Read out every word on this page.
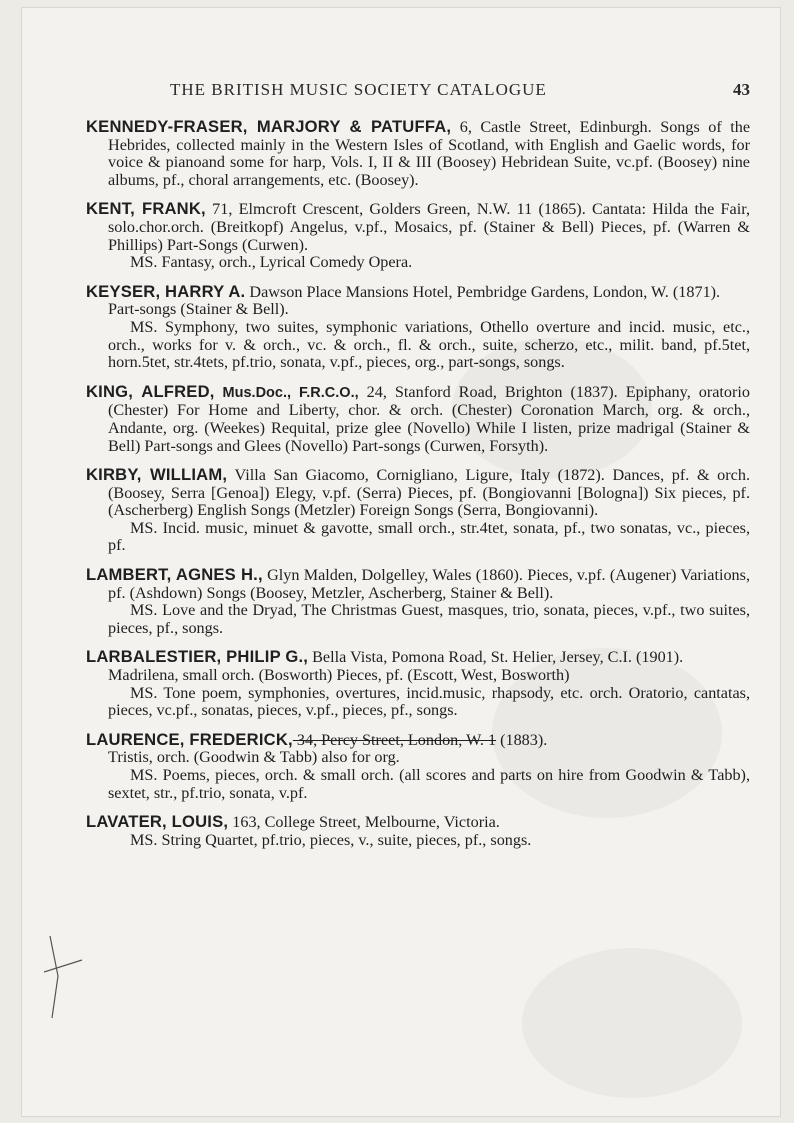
THE BRITISH MUSIC SOCIETY CATALOGUE	43

KENNEDY-FRASER, MARJORY & PATUFFA, 6, Castle Street, Edinburgh. Songs of the Hebrides, collected mainly in the Western Isles of Scotland, with English and Gaelic words, for voice & pianoand some for harp, Vols. I, II & III (Boosey) Hebridean Suite, vc.pf. (Boosey) nine albums, pf., choral arrangements, etc. (Boosey).

KENT, FRANK, 71, Elmcroft Crescent, Golders Green, N.W. 11 (1865). Cantata: Hilda the Fair, solo.chor.orch. (Breitkopf) Angelus, v.pf., Mosaics, pf. (Stainer & Bell) Pieces, pf. (Warren & Phillips) Part-Songs (Curwen).

MS. Fantasy, orch., Lyrical Comedy Opera.

KEYSER, HARRY A. Dawson Place Mansions Hotel, Pembridge Gardens, London, W. (1871).

Part-songs (Stainer & Bell).

MS. Symphony, two suites, symphonic variations, Othello overture and incid. music, etc., orch., works for v. & orch., vc. & orch., fl. & orch., suite, scherzo, etc., milit. band, pf.5tet, horn.5tet, str.4tets, pf.trio, sonata, v.pf., pieces, org., part-songs, songs.

KING, ALFRED, Mus.Doc., F.R.C.O., 24, Stanford Road, Brighton (1837). Epiphany, oratorio (Chester) For Home and Liberty, chor. & orch. (Chester) Coronation March, org. & orch., Andante, org. (Weekes) Requital, prize glee (Novello) While I listen, prize madrigal (Stainer & Bell) Part-songs and Glees (Novello) Part-songs (Curwen, Forsyth).

KIRBY, WILLIAM, Villa San Giacomo, Cornigliano, Ligure, Italy (1872). Dances, pf. & orch. (Boosey, Serra [Genoa]) Elegy, v.pf. (Serra) Pieces, pf. (Bongiovanni [Bologna]) Six pieces, pf. (Ascherberg) English Songs (Metzler) Foreign Songs (Serra, Bongiovanni).

MS. Incid. music, minuet & gavotte, small orch., str.4tet, sonata, pf., two sonatas, vc., pieces, pf.

LAMBERT, AGNES H., Glyn Malden, Dolgelley, Wales (1860). Pieces, v.pf. (Augener) Variations, pf. (Ashdown) Songs (Boosey, Metzler, Ascherberg, Stainer & Bell).

MS. Love and the Dryad, The Christmas Guest, masques, trio, sonata, pieces, v.pf., two suites, pieces, pf., songs.

LARBALESTIER, PHILIP G., Bella Vista, Pomona Road, St. Helier, Jersey, C.I. (1901).

Madrilena, small orch. (Bosworth) Pieces, pf. (Escott, West, Bosworth)

MS. Tone poem, symphonies, overtures, incid.music, rhapsody, etc. orch. Oratorio, cantatas, pieces, vc.pf., sonatas, pieces, v.pf., pieces, pf., songs.

LAURENCE, FREDERICK, 34, Percy Street, London, W. 1 (1883).

Tristis, orch. (Goodwin & Tabb) also for org.

MS. Poems, pieces, orch. & small orch. (all scores and parts on hire from Goodwin & Tabb), sextet, str., pf.trio, sonata, v.pf.

LAVATER, LOUIS, 163, College Street, Melbourne, Victoria.

MS. String Quartet, pf.trio, pieces, v., suite, pieces, pf., songs.
